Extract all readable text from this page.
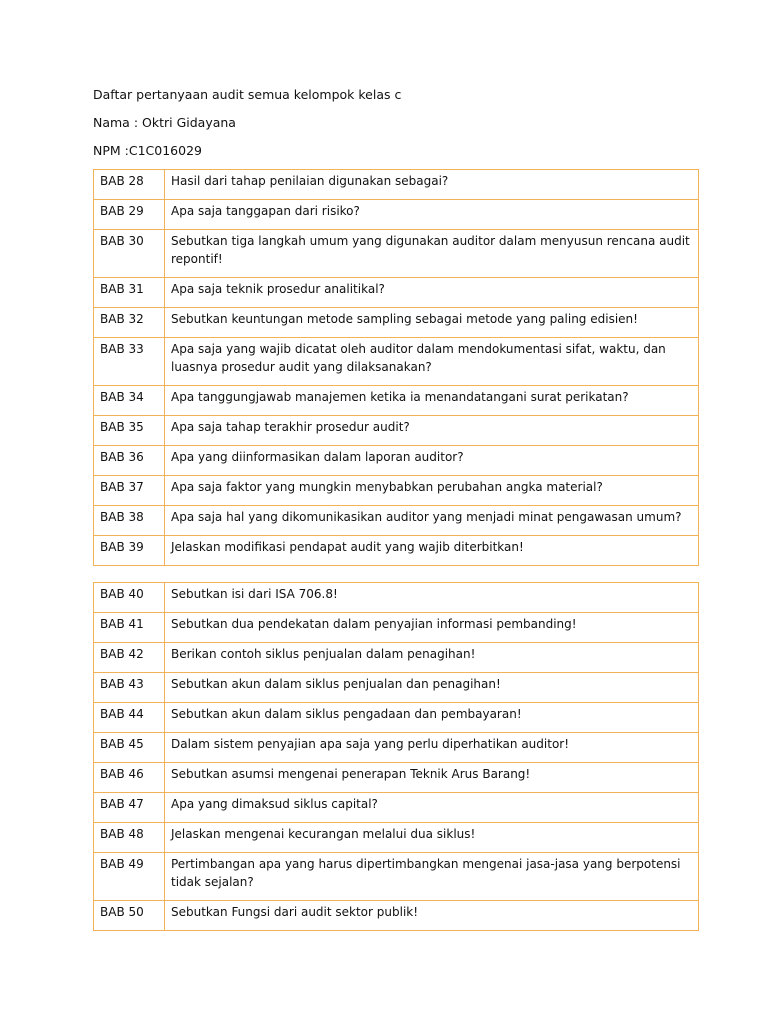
Daftar pertanyaan audit semua kelompok kelas c
Nama : Oktri Gidayana
NPM :C1C016029
BAB 28	Hasil dari tahap penilaian digunakan sebagai?
BAB 29	Apa saja tanggapan dari risiko?
BAB 30	Sebutkan tiga langkah umum yang digunakan auditor dalam menyusun rencana audit repontif!
BAB 31	Apa saja teknik prosedur analitikal?
BAB 32	Sebutkan keuntungan metode sampling sebagai metode yang paling edisien!
BAB 33	Apa saja yang wajib dicatat oleh auditor dalam mendokumentasi sifat, waktu, dan luasnya prosedur audit yang dilaksanakan?
BAB 34	Apa tanggungjawab manajemen ketika ia menandatangani surat perikatan?
BAB 35	Apa saja tahap terakhir prosedur audit?
BAB 36	Apa yang diinformasikan dalam laporan auditor?
BAB 37	Apa saja faktor yang mungkin menybabkan perubahan angka material?
BAB 38	Apa saja hal yang dikomunikasikan auditor yang menjadi minat pengawasan umum?
BAB 39	Jelaskan modifikasi pendapat audit yang wajib diterbitkan!
BAB 40	Sebutkan isi dari ISA 706.8!
BAB 41	Sebutkan dua pendekatan dalam penyajian informasi pembanding!
BAB 42	Berikan contoh siklus penjualan dalam penagihan!
BAB 43	Sebutkan akun dalam siklus penjualan dan penagihan!
BAB 44	Sebutkan akun dalam siklus pengadaan dan pembayaran!
BAB 45	Dalam sistem penyajian apa saja yang perlu diperhatikan auditor!
BAB 46	Sebutkan asumsi mengenai penerapan Teknik Arus Barang!
BAB 47	Apa yang dimaksud siklus capital?
BAB 48	Jelaskan mengenai kecurangan melalui dua siklus!
BAB 49	Pertimbangan apa yang harus dipertimbangkan mengenai jasa-jasa yang berpotensi tidak sejalan?
BAB 50	Sebutkan Fungsi dari audit sektor publik!
